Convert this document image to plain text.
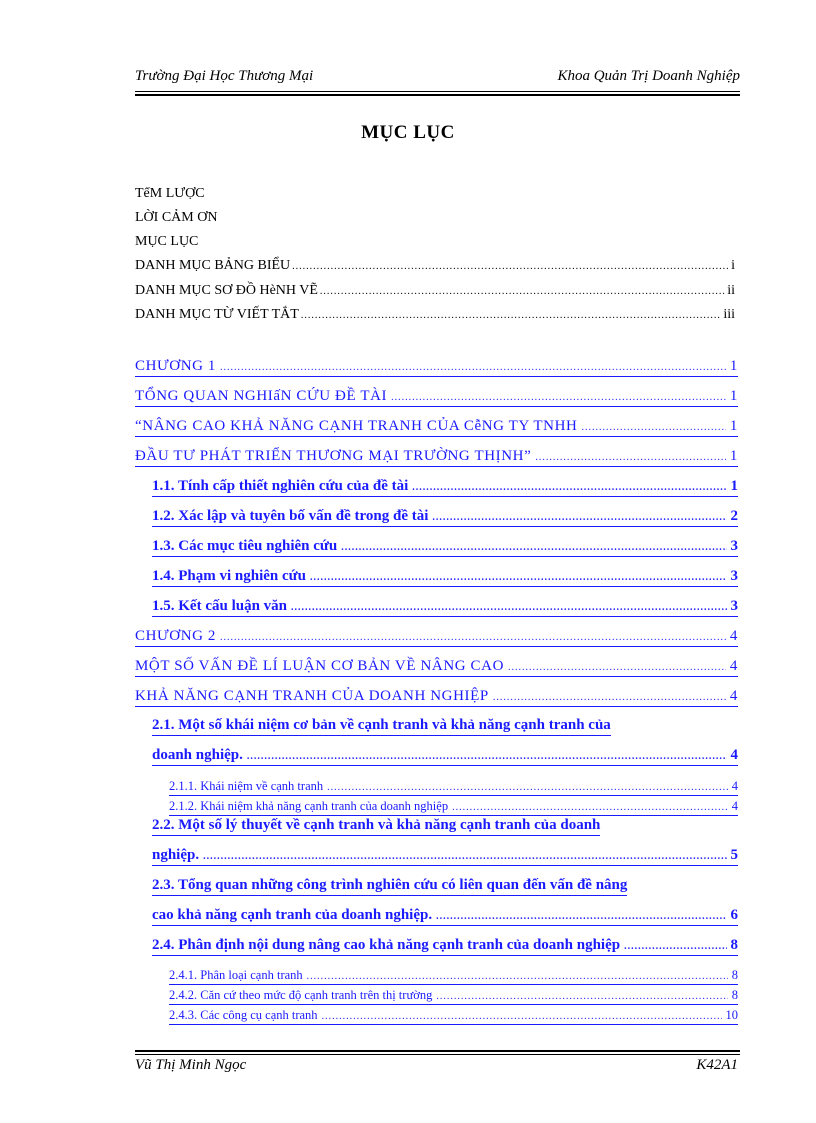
Trường Đại Học Thương Mại	Khoa Quản Trị Doanh Nghiệp
MỤC LỤC
TểM LƯỢC
LỜI CẢM ƠN
MỤC LỤC
DANH MỤC BẢNG BIỂU .....	i
DANH MỤC SƠ ĐỒ HèNH VẼ .....	ii
DANH MỤC TỪ VIẾT TẮT .....	iii
CHƯƠNG 1 .....	1
TỔNG QUAN NGHIấN CỨU ĐỀ TÀI .....	1
“NÂNG CAO KHẢ NĂNG CẠNH TRANH CỦA CễNG TY TNHH .....	1
ĐẦU TƯ PHÁT TRIỂN THƯƠNG MẠI TRƯỜNG THỊNH” .....	1
1.1. Tính cấp thiết nghiên cứu của đề tài .....	1
1.2. Xác lập và tuyên bố vấn đề trong đề tài .....	2
1.3. Các mục tiêu nghiên cứu .....	3
1.4. Phạm vi nghiên cứu .....	3
1.5. Kết cấu luận văn .....	3
CHƯƠNG 2 .....	4
MỘT SỐ VẤN ĐỀ LÍ LUẬN CƠ BẢN VỀ NÂNG CAO .....	4
KHẢ NĂNG CẠNH TRANH CỦA DOANH NGHIỆP .....	4
2.1. Một số khái niệm cơ bản về cạnh tranh và khả năng cạnh tranh của
doanh nghiệp. .....	4
2.1.1. Khái niệm về cạnh tranh .....	4
2.1.2. Khái niệm khả năng cạnh tranh của doanh nghiệp .....	4
2.2. Một số lý thuyết về cạnh tranh và khả năng cạnh tranh của doanh
nghiệp. .....	5
2.3. Tổng quan những công trình nghiên cứu có liên quan đến vấn đề nâng
cao khả năng cạnh tranh của doanh nghiệp. .....	6
2.4. Phân định nội dung nâng cao khả năng cạnh tranh của doanh nghiệp .....	8
2.4.1. Phân loại cạnh tranh .....	8
2.4.2. Căn cứ theo mức độ cạnh tranh trên thị trường .....	8
2.4.3. Các công cụ cạnh tranh .....	10
Vũ Thị Minh Ngọc	K42A1
